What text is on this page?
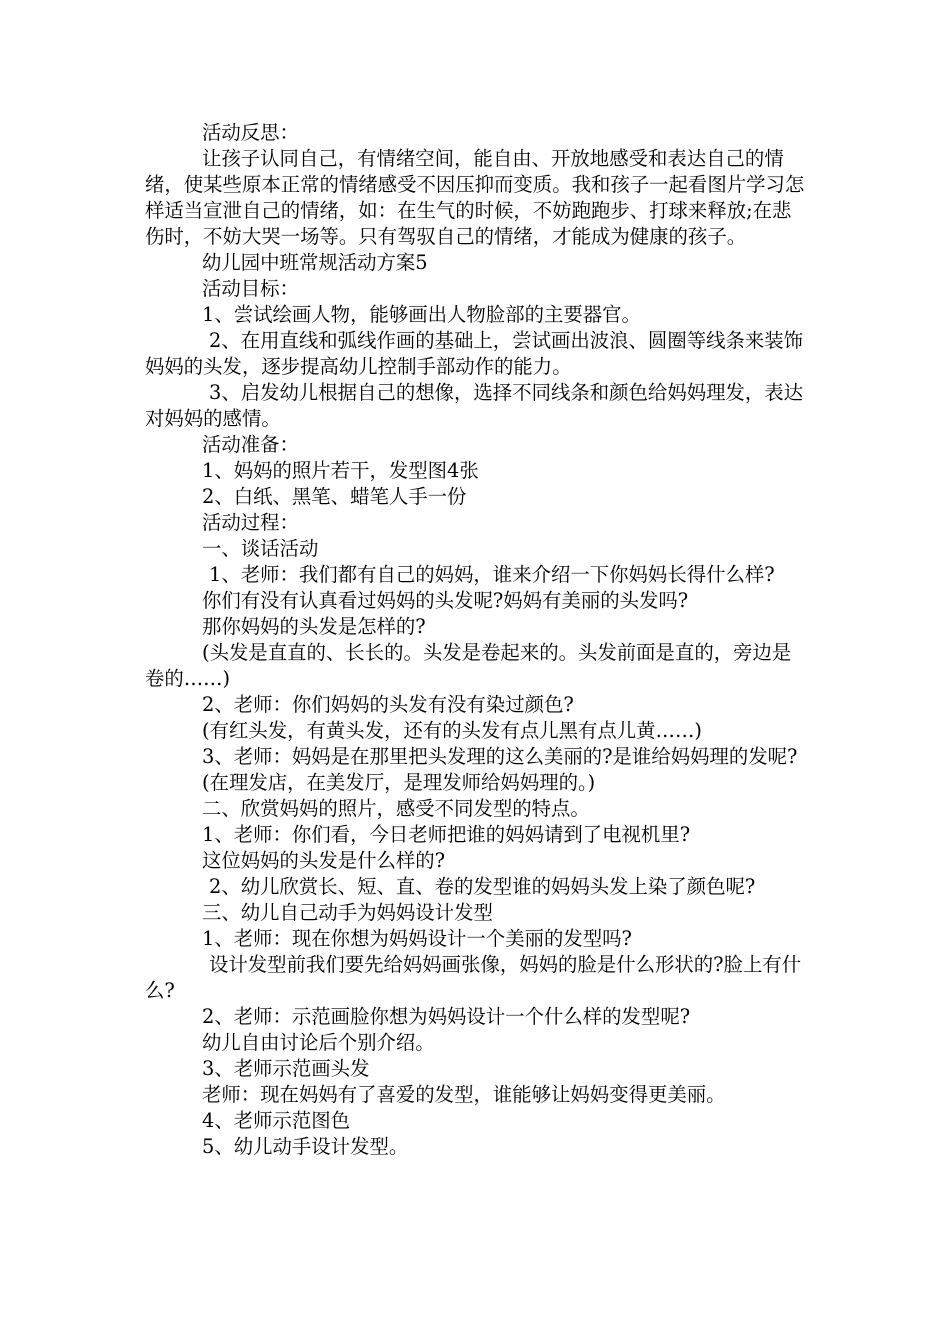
活动反思：

让孩子认同自己，有情绪空间，能自由、开放地感受和表达自己的情绪，使某些原本正常的情绪感受不因压抑而变质。我和孩子一起看图片学习怎样适当宣泄自己的情绪，如：在生气的时候，不妨跑跑步、打球来释放;在悲伤时，不妨大哭一场等。只有驾驭自己的情绪，才能成为健康的孩子。

幼儿园中班常规活动方案5

活动目标：

1、尝试绘画人物，能够画出人物脸部的主要器官。

2、在用直线和弧线作画的基础上，尝试画出波浪、圆圈等线条来装饰妈妈的头发，逐步提高幼儿控制手部动作的能力。

3、启发幼儿根据自己的想像，选择不同线条和颜色给妈妈理发，表达对妈妈的感情。

活动准备：

1、妈妈的照片若干，发型图4张

2、白纸、黑笔、蜡笔人手一份

活动过程：

一、谈话活动

1、老师：我们都有自己的妈妈，谁来介绍一下你妈妈长得什么样?

你们有没有认真看过妈妈的头发呢?妈妈有美丽的头发吗?

那你妈妈的头发是怎样的?

(头发是直直的、长长的。头发是卷起来的。头发前面是直的，旁边是卷的……)

2、老师：你们妈妈的头发有没有染过颜色?

(有红头发，有黄头发，还有的头发有点儿黑有点儿黄……)

3、老师：妈妈是在那里把头发理的这么美丽的?是谁给妈妈理的发呢?

(在理发店，在美发厅，是理发师给妈妈理的。)

二、欣赏妈妈的照片，感受不同发型的特点。

1、老师：你们看，今日老师把谁的妈妈请到了电视机里?

这位妈妈的头发是什么样的?

2、幼儿欣赏长、短、直、卷的发型谁的妈妈头发上染了颜色呢?

三、幼儿自己动手为妈妈设计发型

1、老师：现在你想为妈妈设计一个美丽的发型吗?

设计发型前我们要先给妈妈画张像，妈妈的脸是什么形状的?脸上有什么?

2、老师：示范画脸你想为妈妈设计一个什么样的发型呢?

幼儿自由讨论后个别介绍。

3、老师示范画头发

老师：现在妈妈有了喜爱的发型，谁能够让妈妈变得更美丽。

4、老师示范图色

5、幼儿动手设计发型。
